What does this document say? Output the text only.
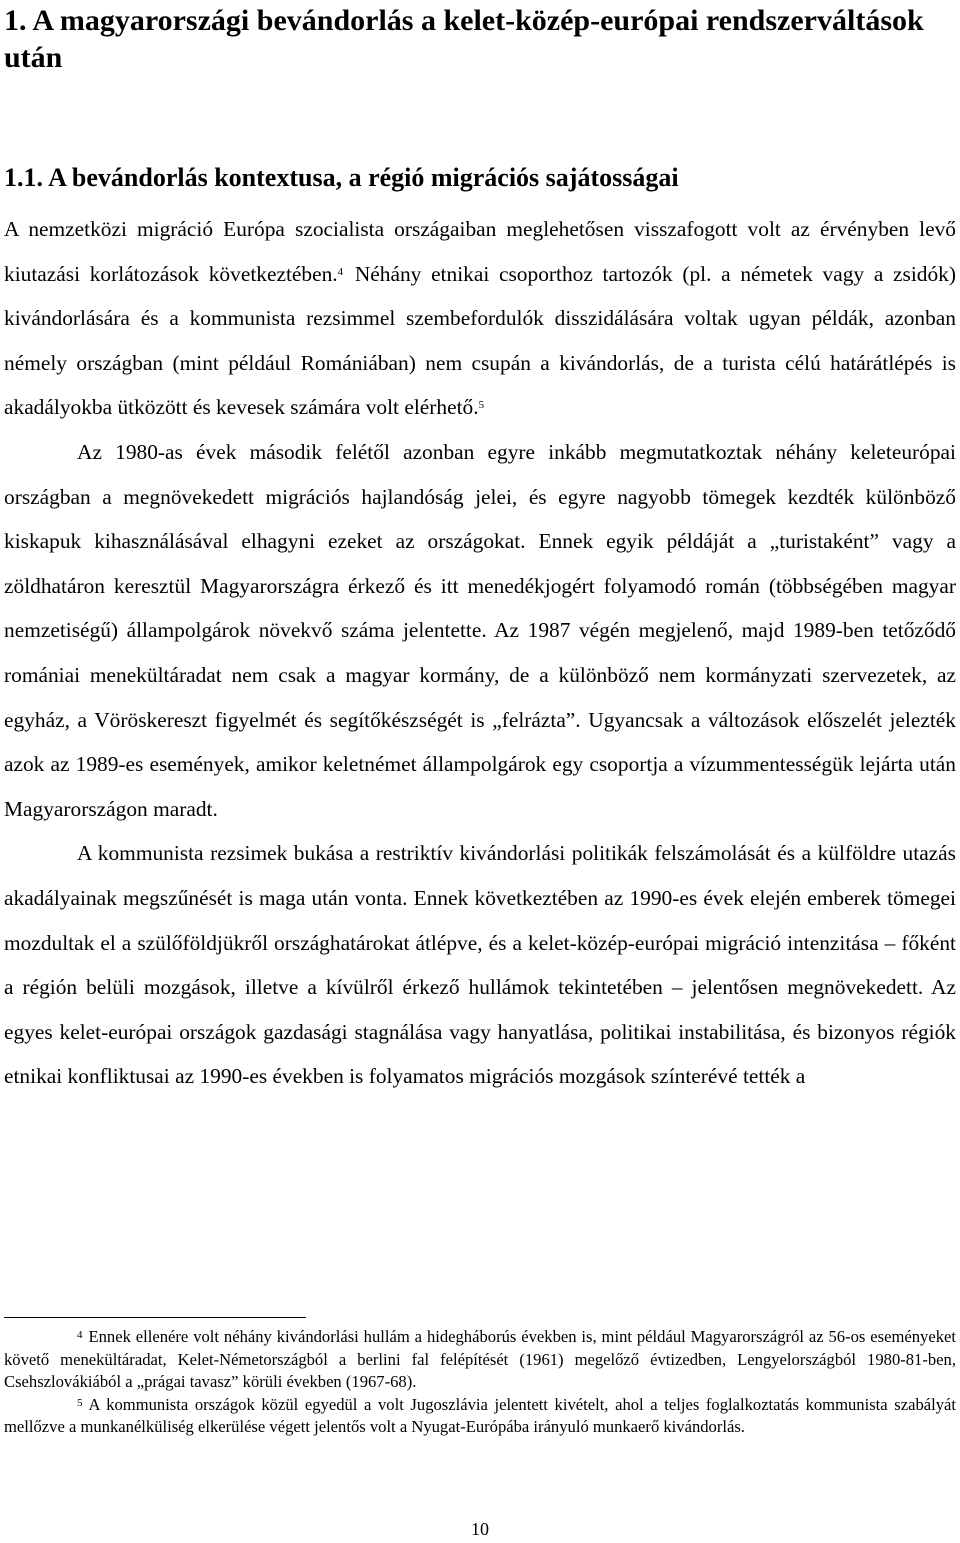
1. A magyarországi bevándorlás a kelet-közép-európai rendszerváltások után
1.1. A bevándorlás kontextusa, a régió migrációs sajátosságai

A nemzetközi migráció Európa szocialista országaiban meglehetősen visszafogott volt az érvényben levő kiutazási korlátozások következtében.$^4$ Néhány etnikai csoporthoz tartozók (pl. a németek vagy a zsidók) kivándorlására és a kommunista rezsimmel szembefordulók disszidálására voltak ugyan példák, azonban némely országban (mint például Romániában) nem csupán a kivándorlás, de a turista célú határátlépés is akadályokba ütközött és kevesek számára volt elérhető.$^5$

Az 1980-as évek második felétől azonban egyre inkább megmutatkoztak néhány keleteurópai országban a megnövekedett migrációs hajlandóság jelei, és egyre nagyobb tömegek kezdték különböző kiskapuk kihasználásával elhagyni ezeket az országokat. Ennek egyik példáját a „turistaként” vagy a zöldhatáron keresztül Magyarországra érkező és itt menedékjogért folyamodó román (többségében magyar nemzetiségű) állampolgárok növekvő száma jelentette. Az 1987 végén megjelenő, majd 1989-ben tetőződő romániai menekültáradat nem csak a magyar kormány, de a különböző nem kormányzati szervezetek, az egyház, a Vöröskereszt figyelmét és segítőkészségét is „felrázta”. Ugyancsak a változások előszelét jelezték azok az 1989-es események, amikor keletnémet állampolgárok egy csoportja a vízummentességük lejárta után Magyarországon maradt.

A kommunista rezsimek bukása a restriktív kivándorlási politikák felszámolását és a külföldre utazás akadályainak megszűnését is maga után vonta. Ennek következtében az 1990-es évek elején emberek tömegei mozdultak el a szülőföldjükről országhatárokat átlépve, és a kelet-közép-európai migráció intenzitása – főként a régión belüli mozgások, illetve a kívülről érkező hullámok tekintetében – jelentősen megnövekedett. Az egyes kelet-európai országok gazdasági stagnálása vagy hanyatlása, politikai instabilitása, és bizonyos régiók etnikai konfliktusai az 1990-es években is folyamatos migrációs mozgások színterévé tették a

$^4$ Ennek ellenére volt néhány kivándorlási hullám a hidegháborús években is, mint például Magyarországról az 56-os eseményeket követő menekültáradat, Kelet-Németországból a berlini fal felépítését (1961) megelőző évtizedben, Lengyelországból 1980-81-ben, Csehszlovákiából a „prágai tavasz” körüli években (1967-68).

$^5$ A kommunista országok közül egyedül a volt Jugoszlávia jelentett kivételt, ahol a teljes foglalkoztatás kommunista szabályát mellőzve a munkanélküliség elkerülése végett jelentős volt a Nyugat-Európába irányuló munkaerő kivándorlás.

10
